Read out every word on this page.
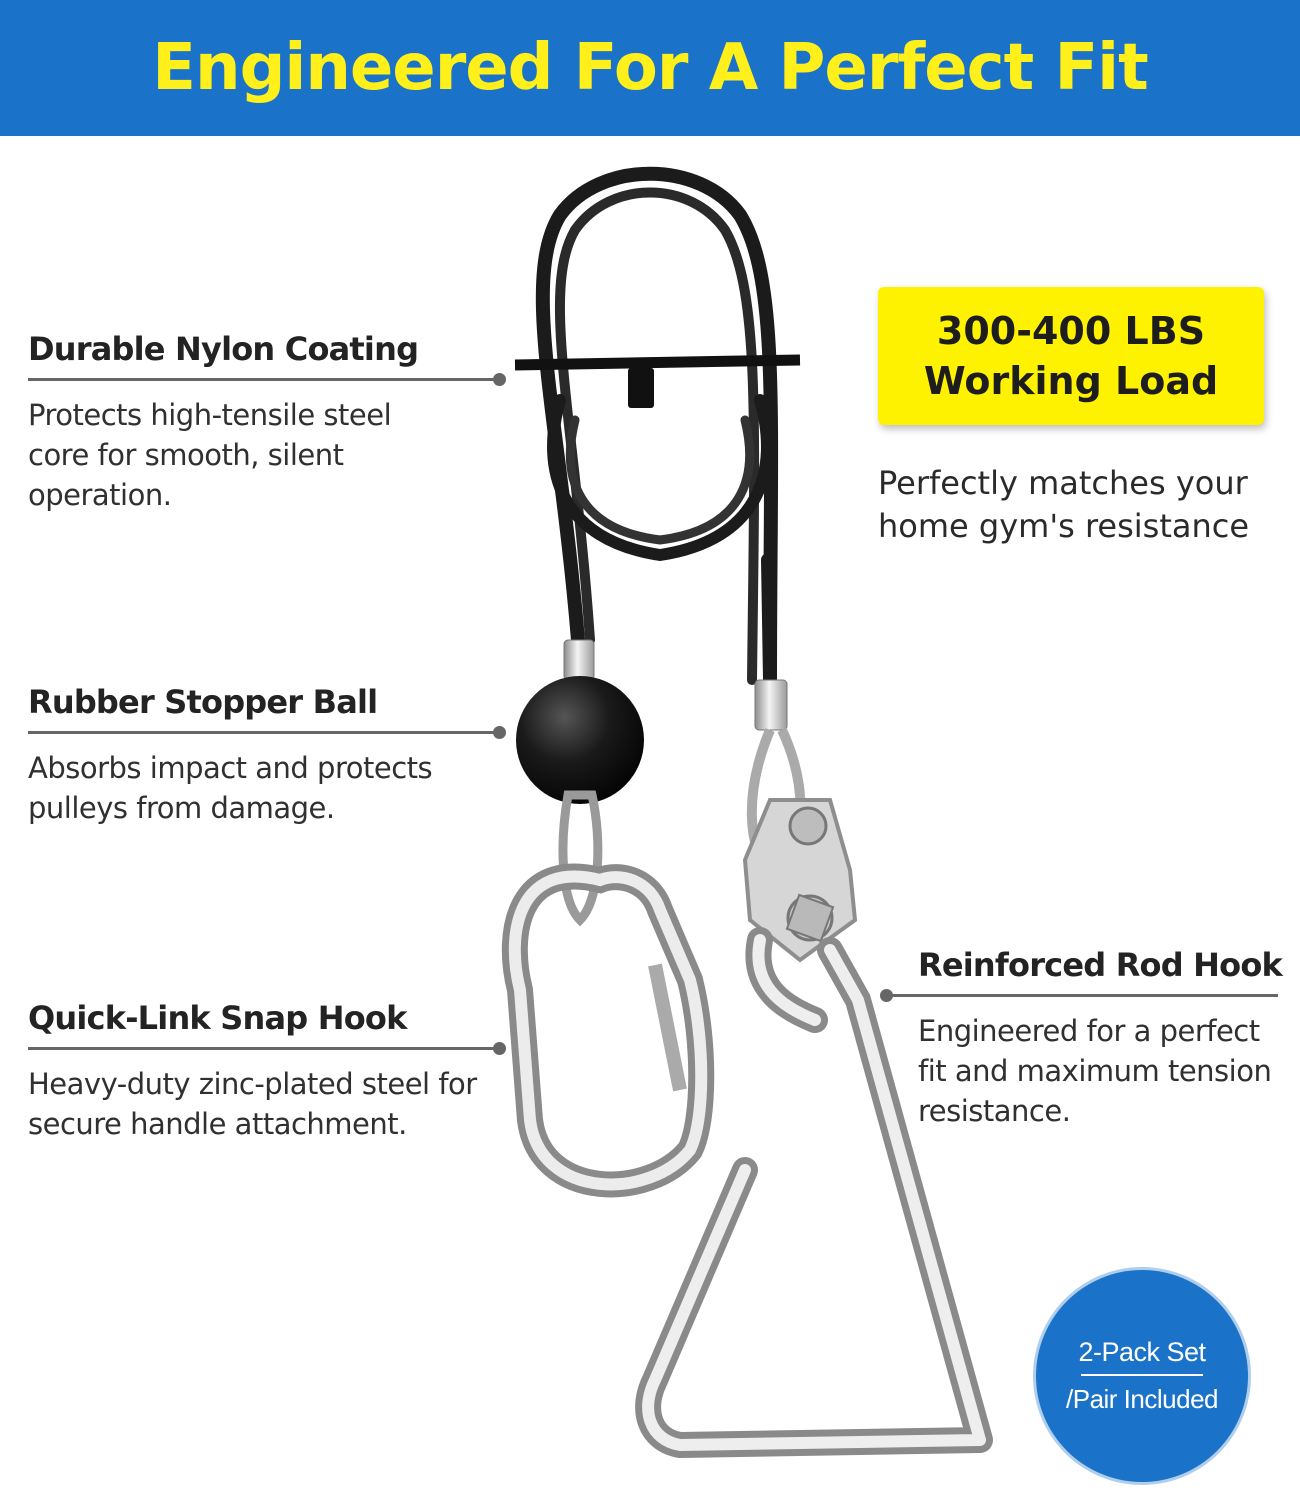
Engineered For A Perfect Fit
Durable Nylon Coating
Protects high-tensile steel core for smooth, silent operation.
Rubber Stopper Ball
Absorbs impact and protects pulleys from damage.
Quick-Link Snap Hook
Heavy-duty zinc-plated steel for secure handle attachment.
Reinforced Rod Hook
Engineered for a perfect fit and maximum tension resistance.
300-400 LBS
Working Load
Perfectly matches your home gym's resistance
2-Pack Set
/Pair Included
